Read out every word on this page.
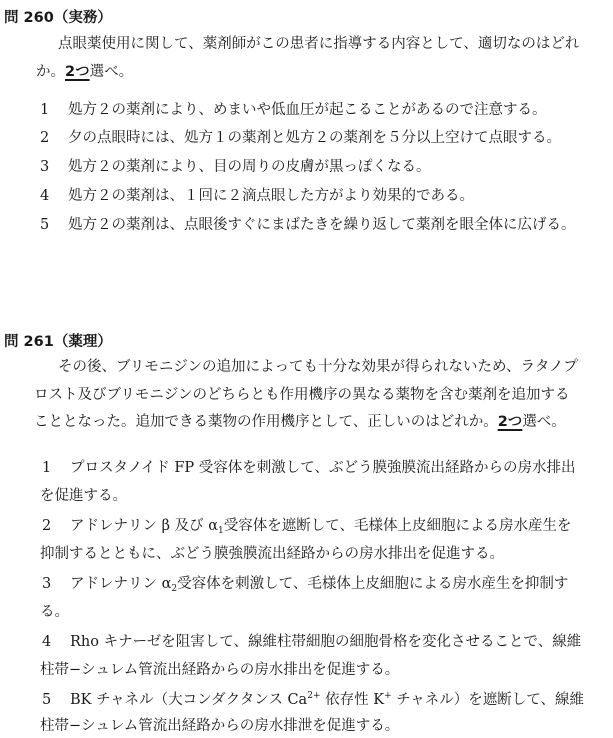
問 260（実務）
点眼薬使用に関して、薬剤師がこの患者に指導する内容として、適切なのはどれ
か。2つ選べ。
1 処方２の薬剤により、めまいや低血圧が起こることがあるので注意する。
2 夕の点眼時には、処方１の薬剤と処方２の薬剤を５分以上空けて点眼する。
3 処方２の薬剤により、目の周りの皮膚が黒っぽくなる。
4 処方２の薬剤は、１回に２滴点眼した方がより効果的である。
5 処方２の薬剤は、点眼後すぐにまばたきを繰り返して薬剤を眼全体に広げる。
問 261（薬理）
その後、ブリモニジンの追加によっても十分な効果が得られないため、ラタノプ
ロスト及びブリモニジンのどちらとも作用機序の異なる薬物を含む薬剤を追加する
こととなった。追加できる薬物の作用機序として、正しいのはどれか。2つ選べ。
1 プロスタノイド FP 受容体を刺激して、ぶどう膜強膜流出経路からの房水排出
を促進する。
2 アドレナリン β 及び $\alpha_1$受容体を遮断して、毛様体上皮細胞による房水産生を
抑制するとともに、ぶどう膜強膜流出経路からの房水排出を促進する。
3 アドレナリン $\alpha_2$受容体を刺激して、毛様体上皮細胞による房水産生を抑制す
る。
4 Rho キナーゼを阻害して、線維柱帯細胞の細胞骨格を変化させることで、線維
柱帯−シュレム管流出経路からの房水排出を促進する。
5 BK チャネル（大コンダクタンス $Ca^{2+}$ 依存性 K+ チャネル）を遮断して、線維
柱帯−シュレム管流出経路からの房水排泄を促進する。
